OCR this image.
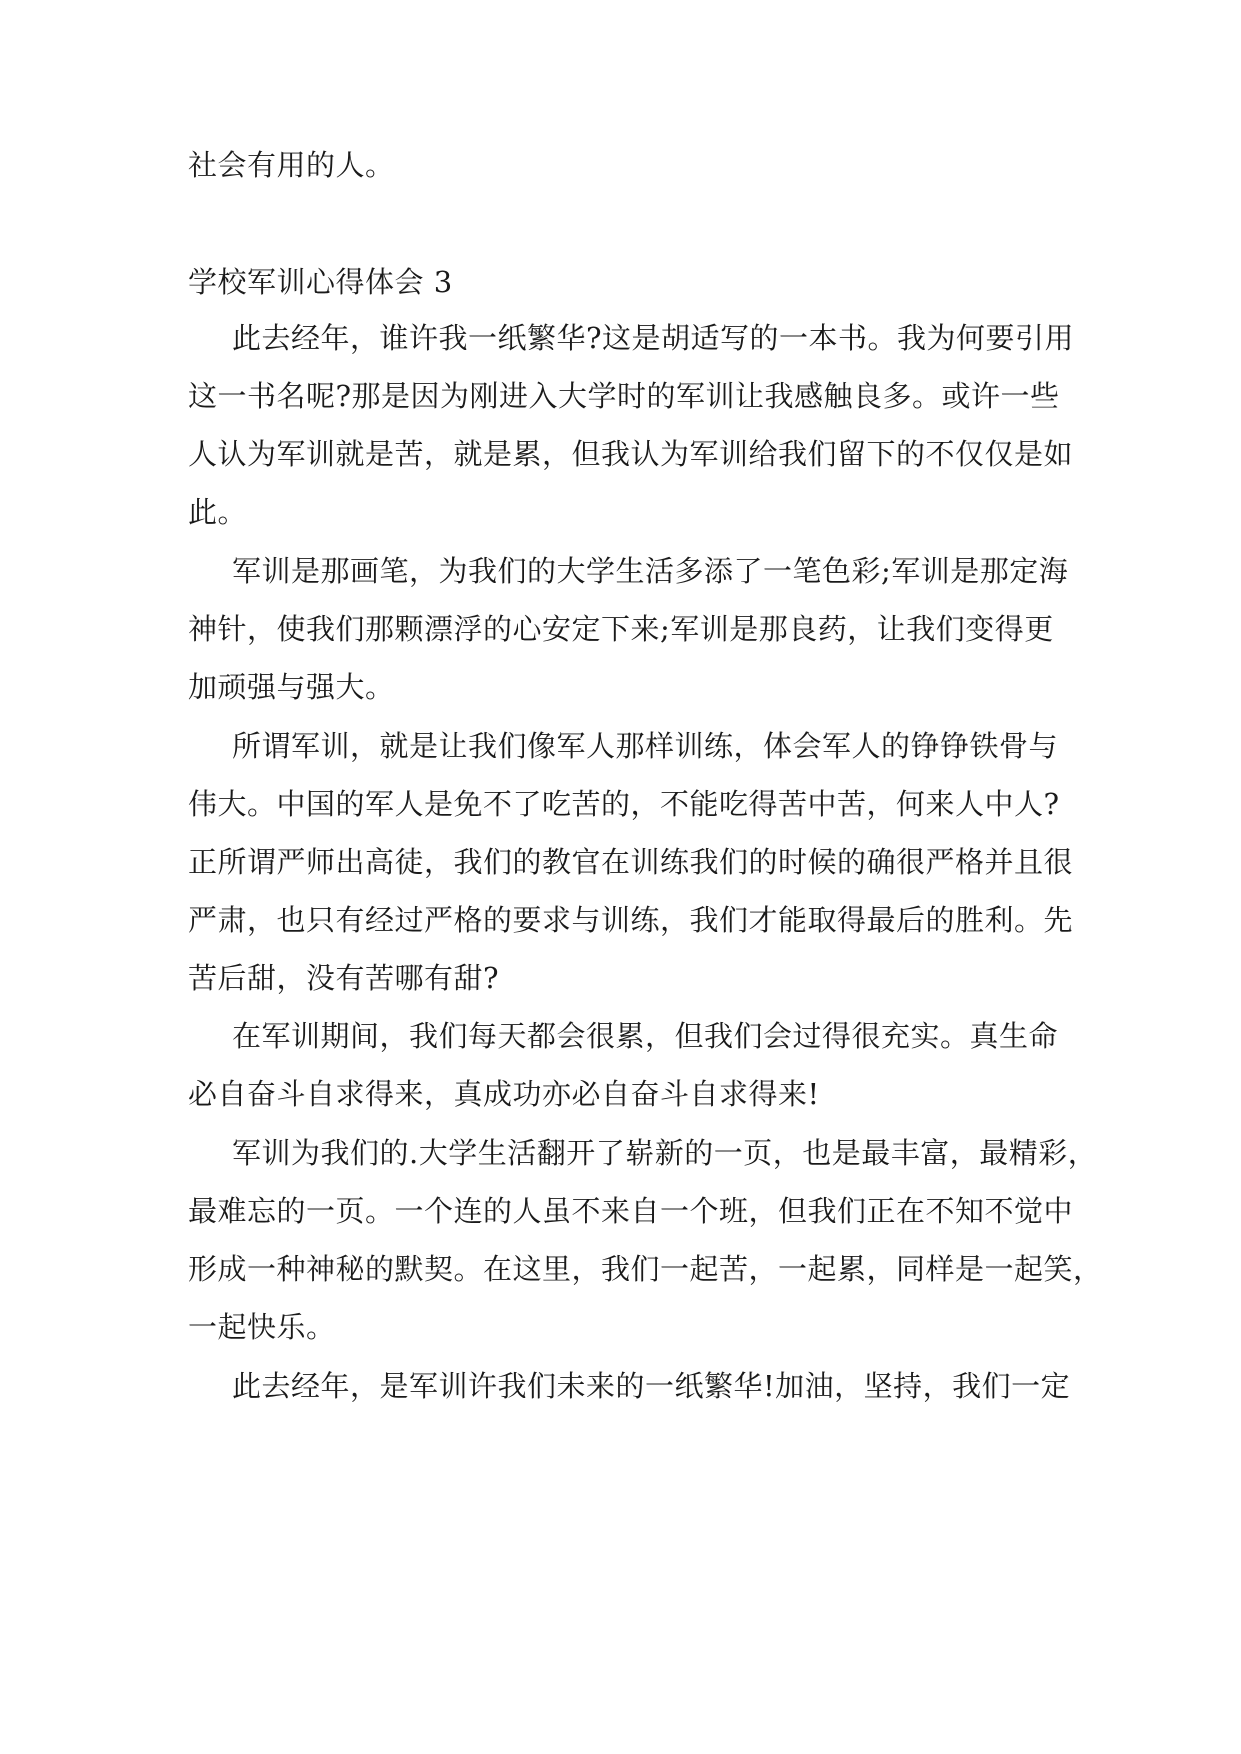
社会有用的人。
学校军训心得体会 3
此去经年，谁许我一纸繁华?这是胡适写的一本书。我为何要引用
这一书名呢?那是因为刚进入大学时的军训让我感触良多。或许一些
人认为军训就是苦，就是累，但我认为军训给我们留下的不仅仅是如
此。
军训是那画笔，为我们的大学生活多添了一笔色彩;军训是那定海
神针，使我们那颗漂浮的心安定下来;军训是那良药，让我们变得更
加顽强与强大。
所谓军训，就是让我们像军人那样训练，体会军人的铮铮铁骨与
伟大。中国的军人是免不了吃苦的，不能吃得苦中苦，何来人中人?
正所谓严师出高徒，我们的教官在训练我们的时候的确很严格并且很
严肃，也只有经过严格的要求与训练，我们才能取得最后的胜利。先
苦后甜，没有苦哪有甜?
在军训期间，我们每天都会很累，但我们会过得很充实。真生命
必自奋斗自求得来，真成功亦必自奋斗自求得来!
军训为我们的.大学生活翻开了崭新的一页，也是最丰富，最精彩，
最难忘的一页。一个连的人虽不来自一个班，但我们正在不知不觉中
形成一种神秘的默契。在这里，我们一起苦，一起累，同样是一起笑，
一起快乐。
此去经年，是军训许我们未来的一纸繁华!加油，坚持，我们一定
